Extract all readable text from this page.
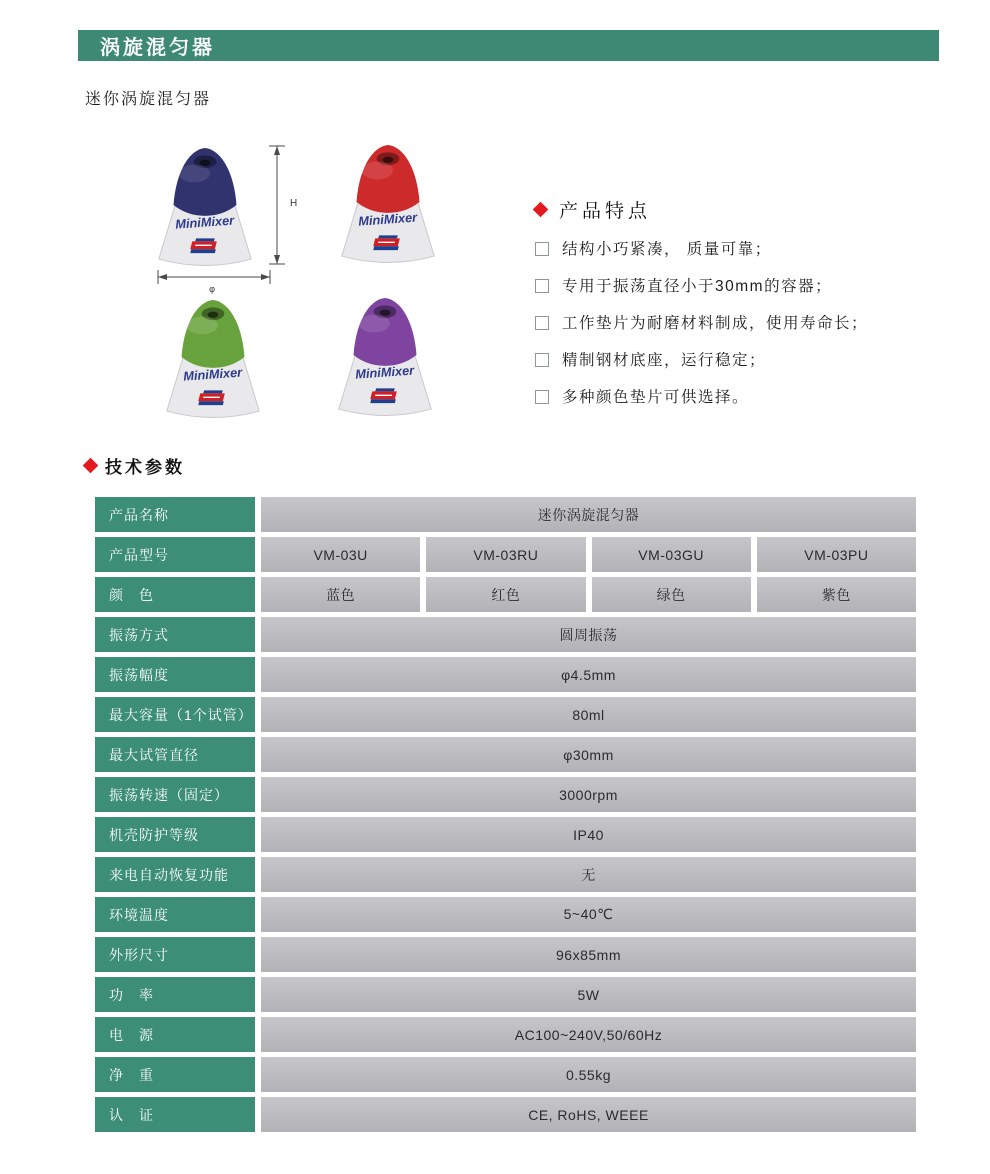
涡旋混匀器
迷你涡旋混匀器
MiniMixer	MiniMixer
MiniMixer	MiniMixer
H
φ
产品特点
结构小巧紧凑， 质量可靠；
专用于振荡直径小于30mm的容器；
工作垫片为耐磨材料制成，使用寿命长；
精制钢材底座，运行稳定；
多种颜色垫片可供选择。
技术参数
产品名称	迷你涡旋混匀器
产品型号	VM-03U	VM-03RU	VM-03GU	VM-03PU
颜　色	蓝色	红色	绿色	紫色
振荡方式	圆周振荡
振荡幅度	φ4.5mm
最大容量（1个试管）	80ml
最大试管直径	φ30mm
振荡转速（固定）	3000rpm
机壳防护等级	IP40
来电自动恢复功能	无
环境温度	5~40℃
外形尺寸	96x85mm
功　率	5W
电　源	AC100~240V,50/60Hz
净　重	0.55kg
认　证	CE, RoHS, WEEE
